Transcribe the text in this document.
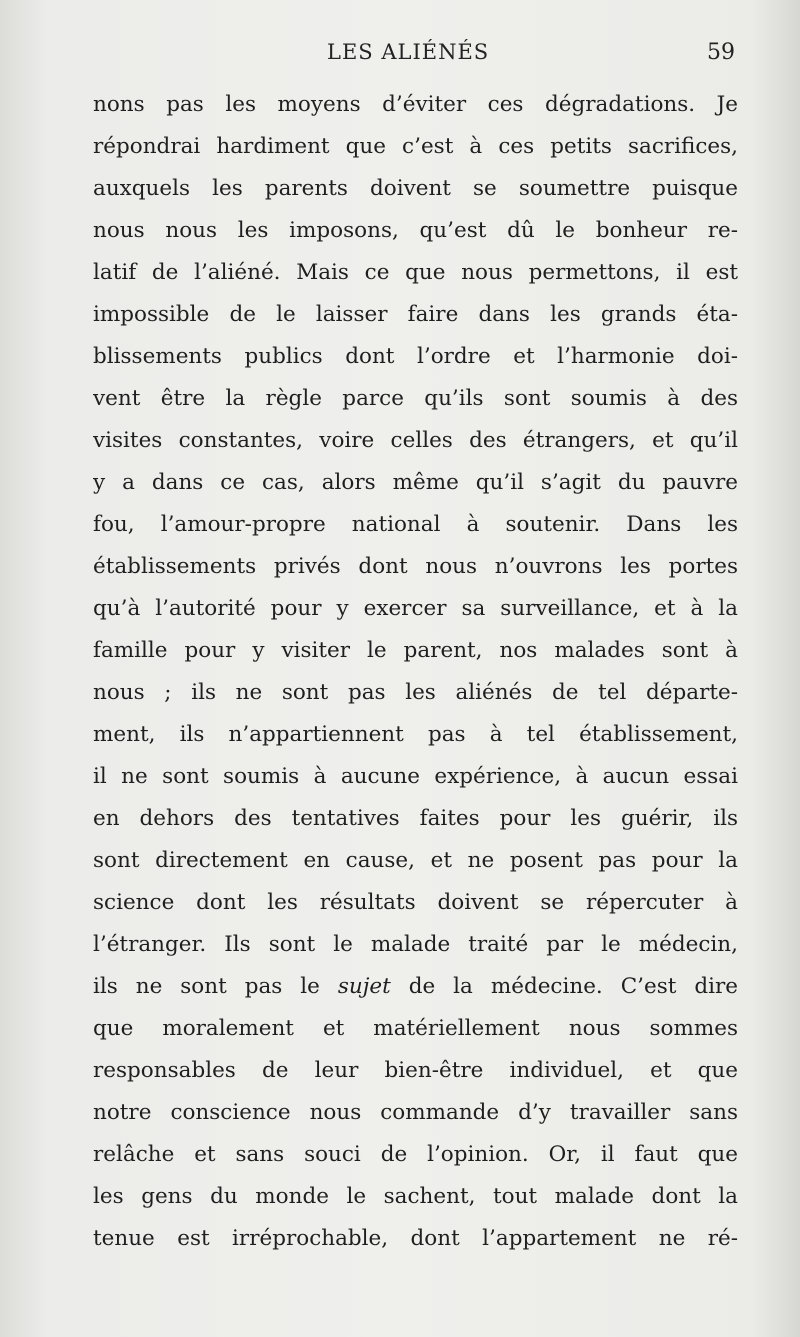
LES ALIÉNÉS	59
nons pas les moyens d’éviter ces dégradations. Je
répondrai hardiment que c’est à ces petits sacrifices,
auxquels les parents doivent se soumettre puisque
nous nous les imposons, qu’est dû le bonheur re-
latif de l’aliéné. Mais ce que nous permettons, il est
impossible de le laisser faire dans les grands éta-
blissements publics dont l’ordre et l’harmonie doi-
vent être la règle parce qu’ils sont soumis à des
visites constantes, voire celles des étrangers, et qu’il
y a dans ce cas, alors même qu’il s’agit du pauvre
fou, l’amour-propre national à soutenir. Dans les
établissements privés dont nous n’ouvrons les portes
qu’à l’autorité pour y exercer sa surveillance, et à la
famille pour y visiter le parent, nos malades sont à
nous ; ils ne sont pas les aliénés de tel départe-
ment, ils n’appartiennent pas à tel établissement,
il ne sont soumis à aucune expérience, à aucun essai
en dehors des tentatives faites pour les guérir, ils
sont directement en cause, et ne posent pas pour la
science dont les résultats doivent se répercuter à
l’étranger. Ils sont le malade traité par le médecin,
ils ne sont pas le sujet de la médecine. C’est dire
que moralement et matériellement nous sommes
responsables de leur bien-être individuel, et que
notre conscience nous commande d’y travailler sans
relâche et sans souci de l’opinion. Or, il faut que
les gens du monde le sachent, tout malade dont la
tenue est irréprochable, dont l’appartement ne ré-
